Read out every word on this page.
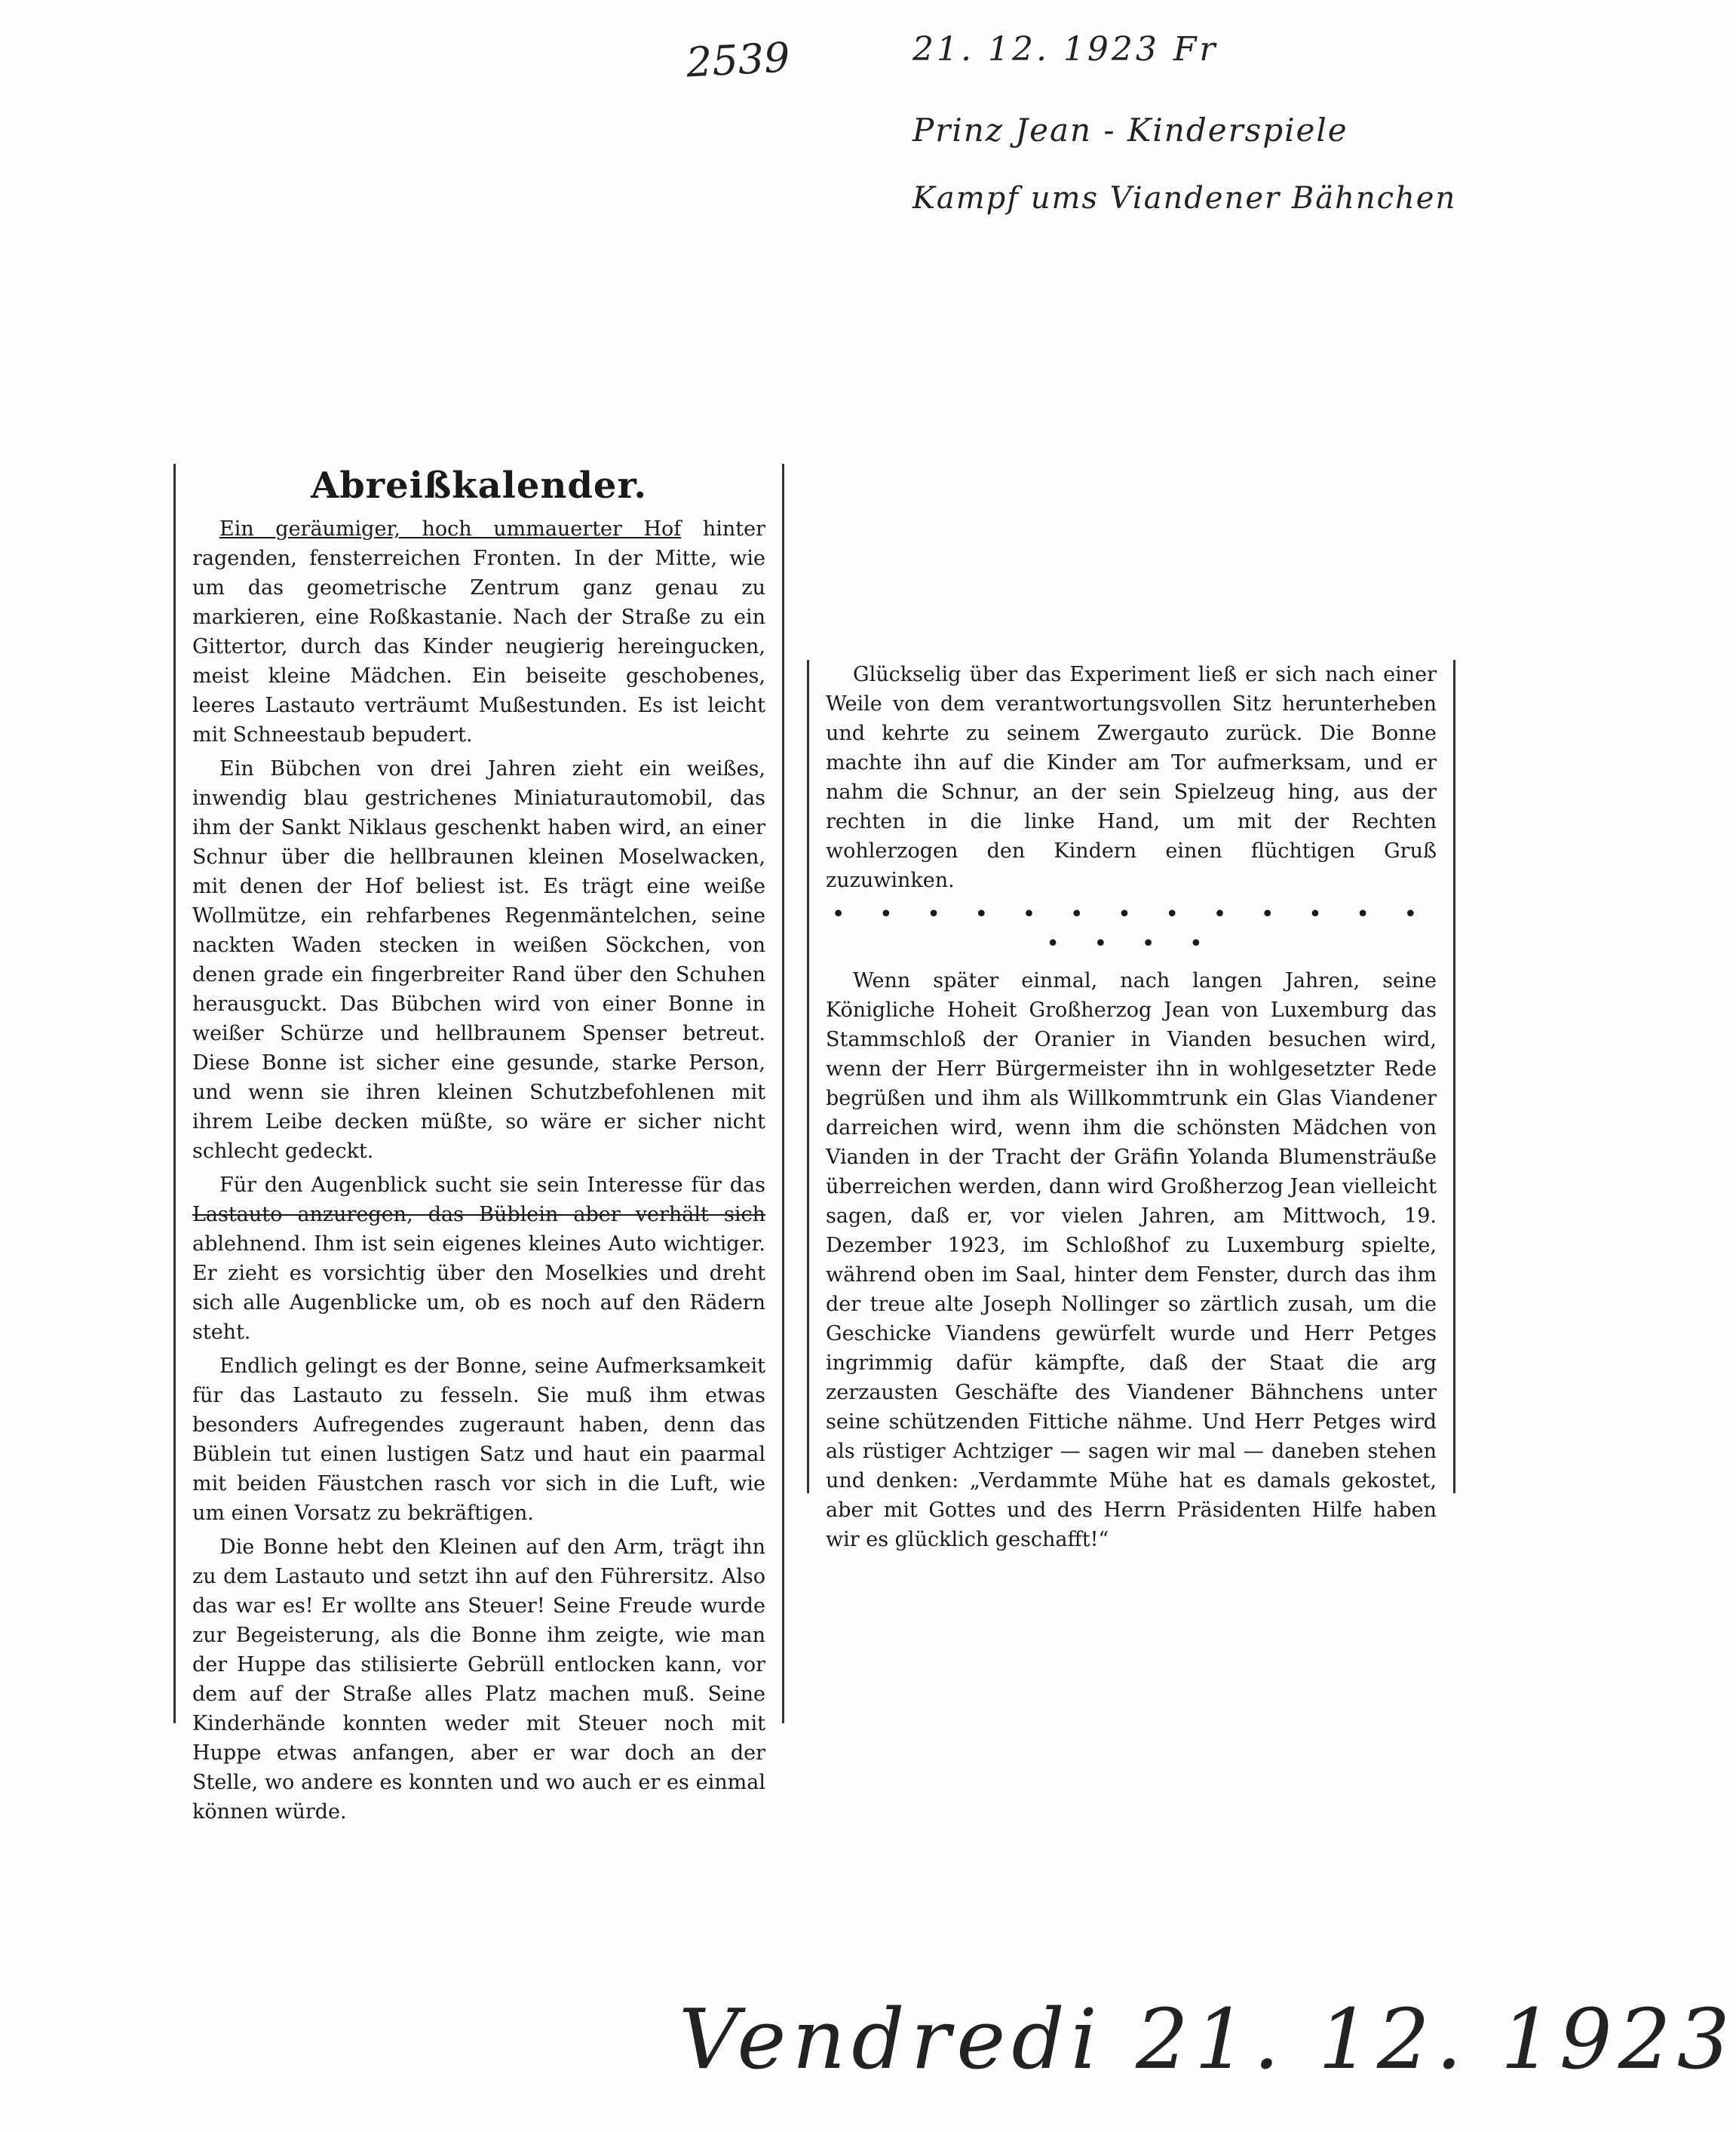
2539	21. 12. 1923 Fr
Prinz Jean - Kinderspiele
Kampf ums Viandener Bähnchen
Abreißkalender.

Ein geräumiger, hoch ummauerter Hof hinter ragenden, fensterreichen Fronten. In der Mitte, wie um das geometrische Zentrum ganz genau zu markieren, eine Roßkastanie. Nach der Straße zu ein Gittertor, durch das Kinder neugierig hereingucken, meist kleine Mädchen. Ein beiseite geschobenes, leeres Lastauto verträumt Mußestunden. Es ist leicht mit Schneestaub bepudert.

Ein Bübchen von drei Jahren zieht ein weißes, inwendig blau gestrichenes Miniaturautomobil, das ihm der Sankt Niklaus geschenkt haben wird, an einer Schnur über die hellbraunen kleinen Moselwacken, mit denen der Hof beliest ist. Es trägt eine weiße Wollmütze, ein rehfarbenes Regenmäntelchen, seine nackten Waden stecken in weißen Söckchen, von denen grade ein fingerbreiter Rand über den Schuhen herausguckt. Das Bübchen wird von einer Bonne in weißer Schürze und hellbraunem Spenser betreut. Diese Bonne ist sicher eine gesunde, starke Person, und wenn sie ihren kleinen Schutzbefohlenen mit ihrem Leibe decken müßte, so wäre er sicher nicht schlecht gedeckt.

Für den Augenblick sucht sie sein Interesse für das Lastauto anzuregen, das Büblein aber verhält sich ablehnend. Ihm ist sein eigenes kleines Auto wichtiger. Er zieht es vorsichtig über den Moselkies und dreht sich alle Augenblicke um, ob es noch auf den Rädern steht.

Endlich gelingt es der Bonne, seine Aufmerksamkeit für das Lastauto zu fesseln. Sie muß ihm etwas besonders Aufregendes zugeraunt haben, denn das Büblein tut einen lustigen Satz und haut ein paarmal mit beiden Fäustchen rasch vor sich in die Luft, wie um einen Vorsatz zu bekräftigen.

Die Bonne hebt den Kleinen auf den Arm, trägt ihn zu dem Lastauto und setzt ihn auf den Führersitz. Also das war es! Er wollte ans Steuer! Seine Freude wurde zur Begeisterung, als die Bonne ihm zeigte, wie man der Huppe das stilisierte Gebrüll entlocken kann, vor dem auf der Straße alles Platz machen muß. Seine Kinderhände konnten weder mit Steuer noch mit Huppe etwas anfangen, aber er war doch an der Stelle, wo andere es konnten und wo auch er es einmal können würde.

Glückselig über das Experiment ließ er sich nach einer Weile von dem verantwortungsvollen Sitz herunterheben und kehrte zu seinem Zwergauto zurück. Die Bonne machte ihn auf die Kinder am Tor aufmerksam, und er nahm die Schnur, an der sein Spielzeug hing, aus der rechten in die linke Hand, um mit der Rechten wohlerzogen den Kindern einen flüchtigen Gruß zuzuwinken.

• • • • • • • • • • • • • • • • •

Wenn später einmal, nach langen Jahren, seine Königliche Hoheit Großherzog Jean von Luxemburg das Stammschloß der Oranier in Vianden besuchen wird, wenn der Herr Bürgermeister ihn in wohlgesetzter Rede begrüßen und ihm als Willkommtrunk ein Glas Viandener darreichen wird, wenn ihm die schönsten Mädchen von Vianden in der Tracht der Gräfin Yolanda Blumensträuße überreichen werden, dann wird Großherzog Jean vielleicht sagen, daß er, vor vielen Jahren, am Mittwoch, 19. Dezember 1923, im Schloßhof zu Luxemburg spielte, während oben im Saal, hinter dem Fenster, durch das ihm der treue alte Joseph Nollinger so zärtlich zusah, um die Geschicke Viandens gewürfelt wurde und Herr Petges ingrimmig dafür kämpfte, daß der Staat die arg zerzausten Geschäfte des Viandener Bähnchens unter seine schützenden Fittiche nähme. Und Herr Petges wird als rüstiger Achtziger — sagen wir mal — daneben stehen und denken: „Verdammte Mühe hat es damals gekostet, aber mit Gottes und des Herrn Präsidenten Hilfe haben wir es glücklich geschafft!“

Vendredi 21. 12. 1923
